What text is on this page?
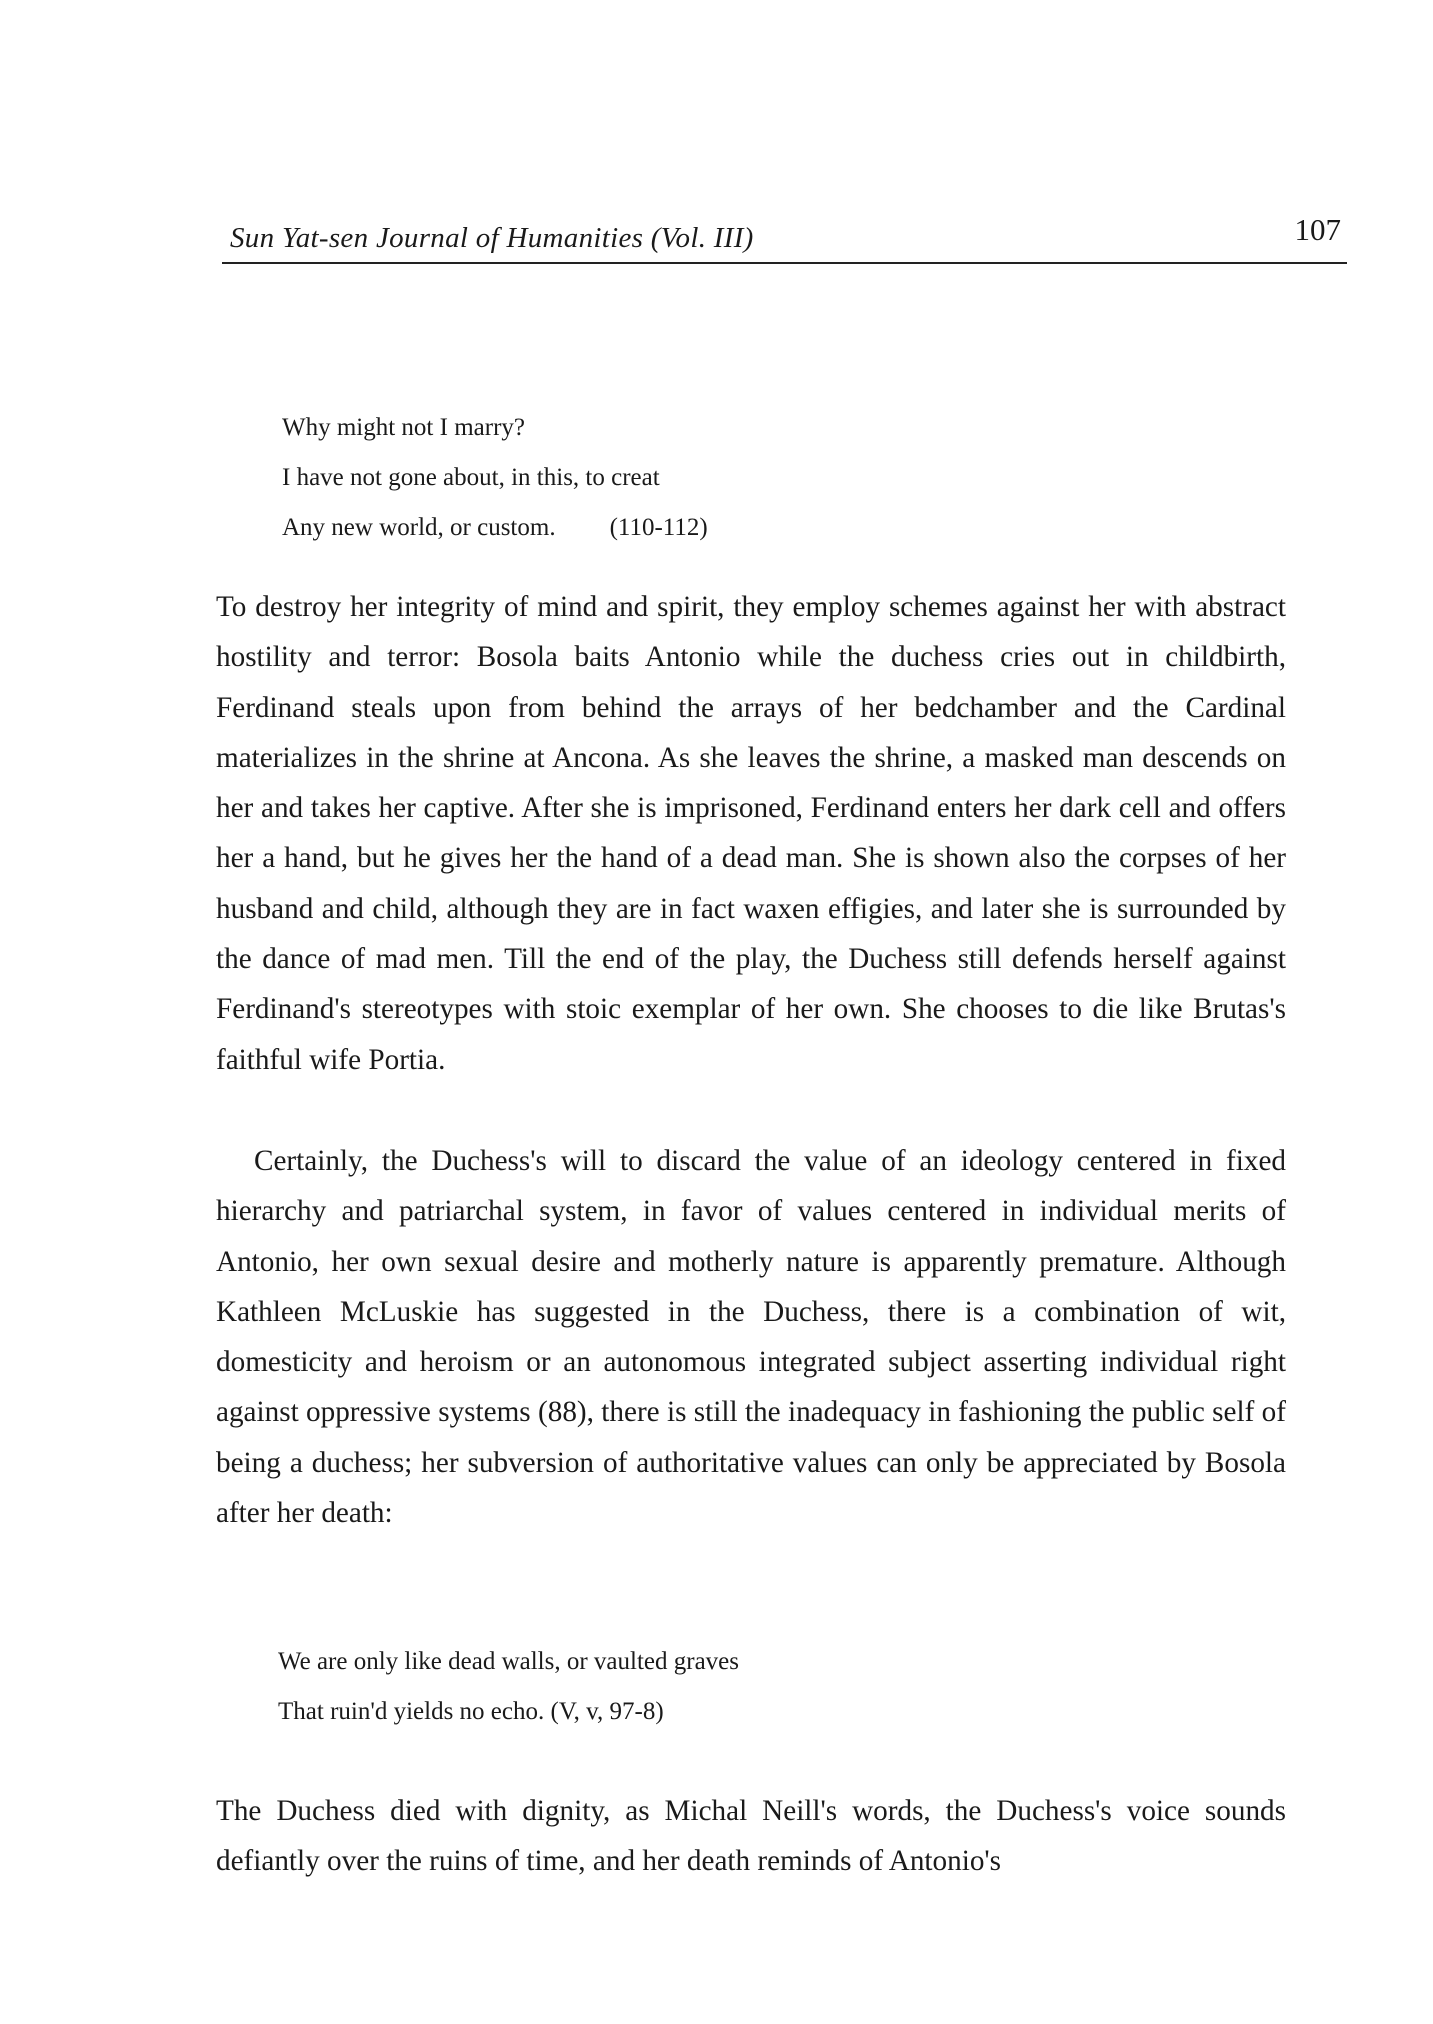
Sun Yat-sen Journal of Humanities (Vol. III)	107
Why might not I marry?
I have not gone about, in this, to creat
Any new world, or custom. (110-112)

To destroy her integrity of mind and spirit, they employ schemes against her with abstract hostility and terror: Bosola baits Antonio while the duchess cries out in childbirth, Ferdinand steals upon from behind the arrays of her bedchamber and the Cardinal materializes in the shrine at Ancona. As she leaves the shrine, a masked man descends on her and takes her captive. After she is imprisoned, Ferdinand enters her dark cell and offers her a hand, but he gives her the hand of a dead man. She is shown also the corpses of her husband and child, although they are in fact waxen effigies, and later she is surrounded by the dance of mad men. Till the end of the play, the Duchess still defends herself against Ferdinand's stereotypes with stoic exemplar of her own. She chooses to die like Brutas's faithful wife Portia.

Certainly, the Duchess's will to discard the value of an ideology centered in fixed hierarchy and patriarchal system, in favor of values centered in individual merits of Antonio, her own sexual desire and motherly nature is apparently premature. Although Kathleen McLuskie has suggested in the Duchess, there is a combination of wit, domesticity and heroism or an autonomous integrated subject asserting individual right against oppressive systems (88), there is still the inadequacy in fashioning the public self of being a duchess; her subversion of authoritative values can only be appreciated by Bosola after her death:

We are only like dead walls, or vaulted graves
That ruin'd yields no echo. (V, v, 97-8)

The Duchess died with dignity, as Michal Neill's words, the Duchess's voice sounds defiantly over the ruins of time, and her death reminds of Antonio's
